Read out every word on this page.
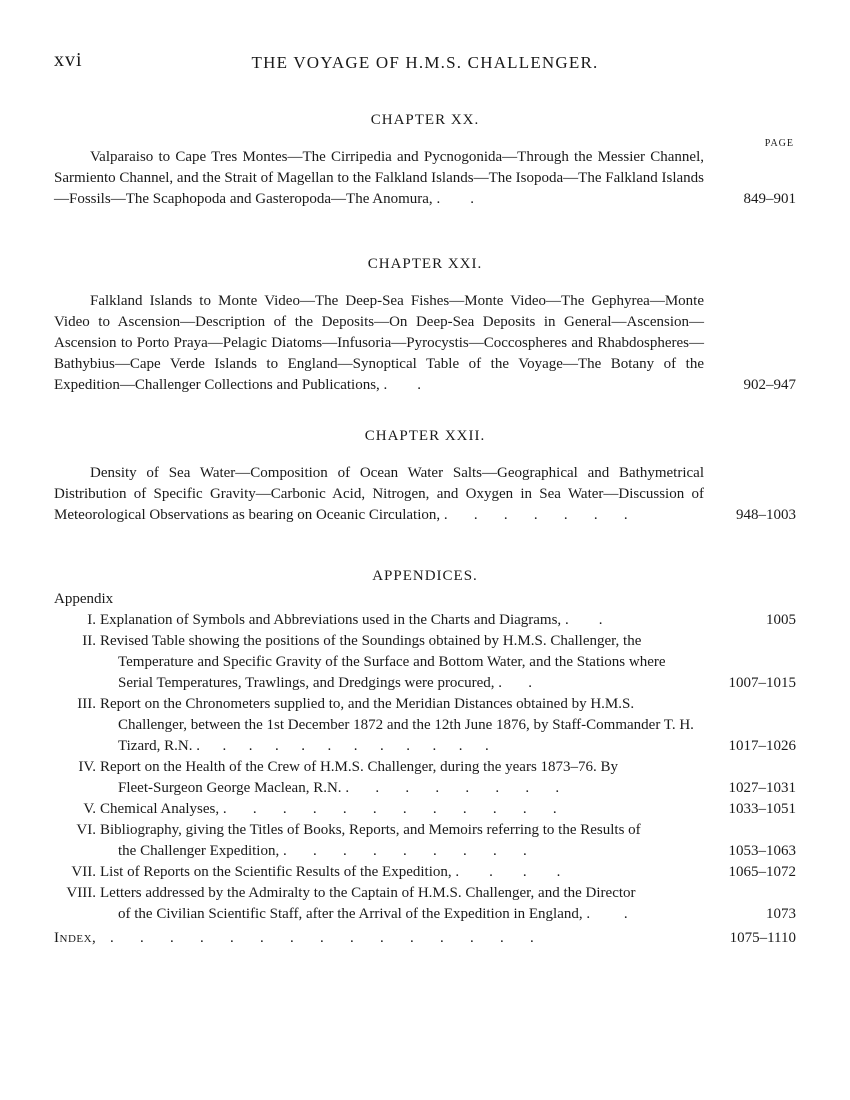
xvi	THE VOYAGE OF H.M.S. CHALLENGER.
CHAPTER XX.
PAGE
Valparaiso to Cape Tres Montes—The Cirripedia and Pycnogonida—Through the Messier Channel, Sarmiento Channel, and the Strait of Magellan to the Falkland Islands—The Isopoda—The Falkland Islands—Fossils—The Scaphopoda and Gasteropoda—The Anomura, .        .	849–901
CHAPTER XXI.
Falkland Islands to Monte Video—The Deep-Sea Fishes—Monte Video—The Gephyrea—Monte Video to Ascension—Description of the Deposits—On Deep-Sea Deposits in General—Ascension—Ascension to Porto Praya—Pelagic Diatoms—Infusoria—Pyrocystis—Coccospheres and Rhabdospheres—Bathybius—Cape Verde Islands to England—Synoptical Table of the Voyage—The Botany of the Expedition—Challenger Collections and Publications, .        .	902–947
CHAPTER XXII.
Density of Sea Water—Composition of Ocean Water Salts—Geographical and Bathymetrical Distribution of Specific Gravity—Carbonic Acid, Nitrogen, and Oxygen in Sea Water—Discussion of Meteorological Observations as bearing on Oceanic Circulation, .       .       .       .       .       .       .	948–1003
APPENDICES.
Appendix
I. Explanation of Symbols and Abbreviations used in the Charts and Diagrams, .        .	1005
II. Revised Table showing the positions of the Soundings obtained by H.M.S. Challenger, the
Temperature and Specific Gravity of the Surface and Bottom Water, and the Stations where Serial Temperatures, Trawlings, and Dredgings were procured, .       .	1007–1015
III. Report on the Chronometers supplied to, and the Meridian Distances obtained by H.M.S.
Challenger, between the 1st December 1872 and the 12th June 1876, by Staff-Commander T. H. Tizard, R.N. .      .      .      .      .      .      .      .      .      .      .      .	1017–1026
IV. Report on the Health of the Crew of H.M.S. Challenger, during the years 1873–76. By
Fleet-Surgeon George Maclean, R.N. .       .       .       .       .       .       .       .	1027–1031
V. Chemical Analyses, .       .       .       .       .       .       .       .       .       .       .       .	1033–1051
VI. Bibliography, giving the Titles of Books, Reports, and Memoirs referring to the Results of
the Challenger Expedition, .       .       .       .       .       .       .       .       .	1053–1063
VII. List of Reports on the Scientific Results of the Expedition, .        .        .        .	1065–1072
VIII. Letters addressed by the Admiralty to the Captain of H.M.S. Challenger, and the Director
of the Civilian Scientific Staff, after the Arrival of the Expedition in England, .         .	1073
Index, .       .       .       .       .       .       .       .       .       .       .       .       .       .       .	1075–1110
